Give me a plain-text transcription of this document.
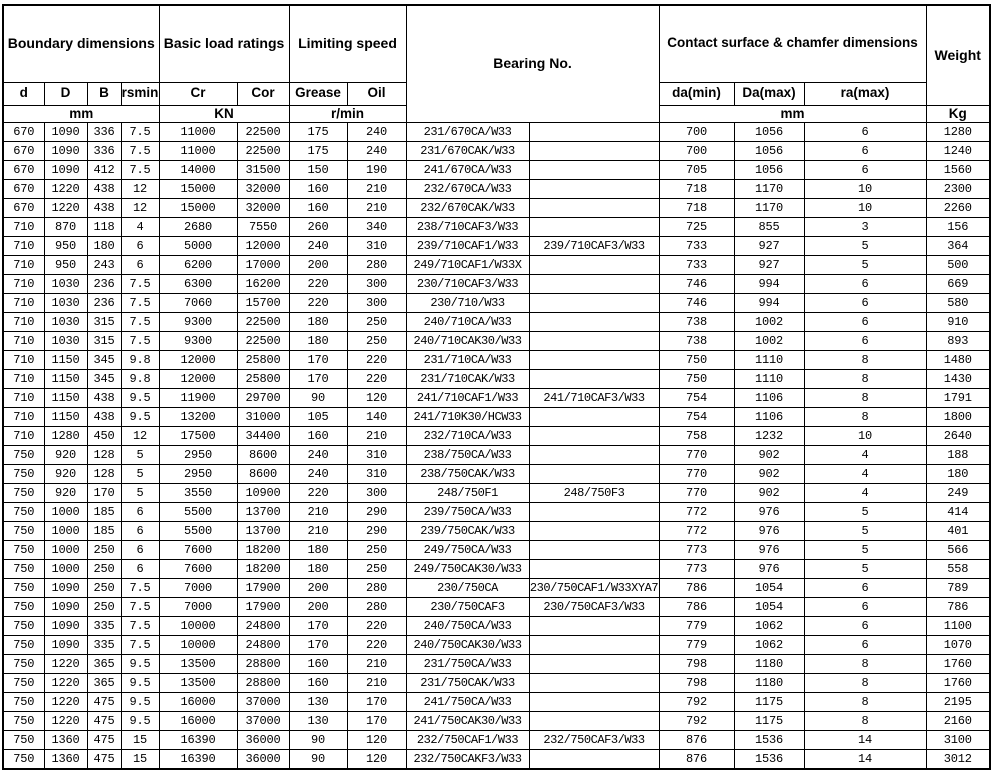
Boundary dimensions				Basic load ratings		Limiting speed		Bearing No.		Contact surface & chamfer dimensions			Weight
d	D	B	rsmin	Cr	Cor	Grease	Oil			da(min)	Da(max)	ra(max)	
mm				KN		r/min				mm			Kg
670	1090	336	7.5	11000	22500	175	240	231/670CA/W33		700	1056	6	1280
670	1090	336	7.5	11000	22500	175	240	231/670CAK/W33		700	1056	6	1240
670	1090	412	7.5	14000	31500	150	190	241/670CA/W33		705	1056	6	1560
670	1220	438	12	15000	32000	160	210	232/670CA/W33		718	1170	10	2300
670	1220	438	12	15000	32000	160	210	232/670CAK/W33		718	1170	10	2260
710	870	118	4	2680	7550	260	340	238/710CAF3/W33		725	855	3	156
710	950	180	6	5000	12000	240	310	239/710CAF1/W33	239/710CAF3/W33	733	927	5	364
710	950	243	6	6200	17000	200	280	249/710CAF1/W33X		733	927	5	500
710	1030	236	7.5	6300	16200	220	300	230/710CAF3/W33		746	994	6	669
710	1030	236	7.5	7060	15700	220	300	230/710/W33		746	994	6	580
710	1030	315	7.5	9300	22500	180	250	240/710CA/W33		738	1002	6	910
710	1030	315	7.5	9300	22500	180	250	240/710CAK30/W33		738	1002	6	893
710	1150	345	9.8	12000	25800	170	220	231/710CA/W33		750	1110	8	1480
710	1150	345	9.8	12000	25800	170	220	231/710CAK/W33		750	1110	8	1430
710	1150	438	9.5	11900	29700	90	120	241/710CAF1/W33	241/710CAF3/W33	754	1106	8	1791
710	1150	438	9.5	13200	31000	105	140	241/710K30/HCW33		754	1106	8	1800
710	1280	450	12	17500	34400	160	210	232/710CA/W33		758	1232	10	2640
750	920	128	5	2950	8600	240	310	238/750CA/W33		770	902	4	188
750	920	128	5	2950	8600	240	310	238/750CAK/W33		770	902	4	180
750	920	170	5	3550	10900	220	300	248/750F1	248/750F3	770	902	4	249
750	1000	185	6	5500	13700	210	290	239/750CA/W33		772	976	5	414
750	1000	185	6	5500	13700	210	290	239/750CAK/W33		772	976	5	401
750	1000	250	6	7600	18200	180	250	249/750CA/W33		773	976	5	566
750	1000	250	6	7600	18200	180	250	249/750CAK30/W33		773	976	5	558
750	1090	250	7.5	7000	17900	200	280	230/750CA	230/750CAF1/W33XYA7	786	1054	6	789
750	1090	250	7.5	7000	17900	200	280	230/750CAF3	230/750CAF3/W33	786	1054	6	786
750	1090	335	7.5	10000	24800	170	220	240/750CA/W33		779	1062	6	1100
750	1090	335	7.5	10000	24800	170	220	240/750CAK30/W33		779	1062	6	1070
750	1220	365	9.5	13500	28800	160	210	231/750CA/W33		798	1180	8	1760
750	1220	365	9.5	13500	28800	160	210	231/750CAK/W33		798	1180	8	1760
750	1220	475	9.5	16000	37000	130	170	241/750CA/W33		792	1175	8	2195
750	1220	475	9.5	16000	37000	130	170	241/750CAK30/W33		792	1175	8	2160
750	1360	475	15	16390	36000	90	120	232/750CAF1/W33	232/750CAF3/W33	876	1536	14	3100
750	1360	475	15	16390	36000	90	120	232/750CAKF3/W33		876	1536	14	3012
